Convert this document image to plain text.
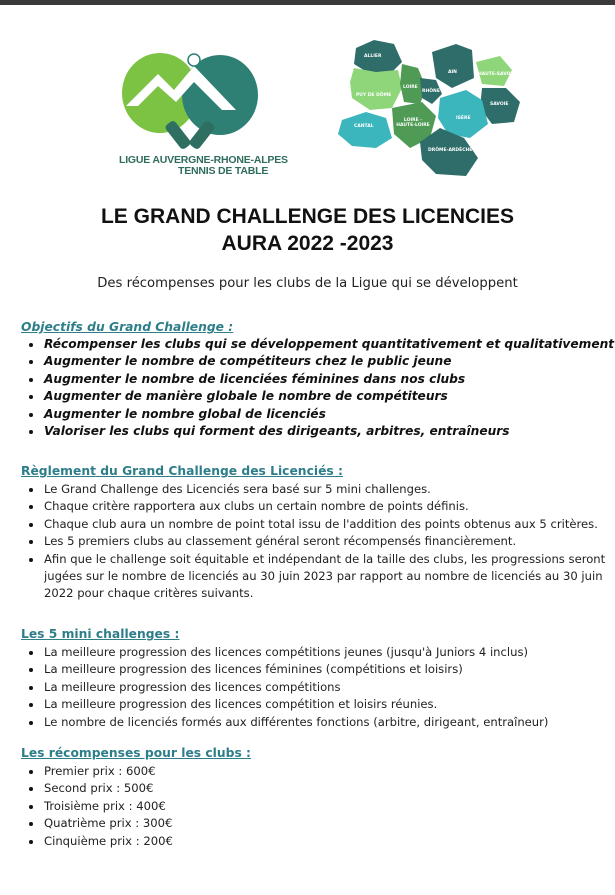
LIGUE AUVERGNE-RHONE-ALPES
TENNIS DE TABLE
ALLIER
AIN	HAUTE-SAVOIE
PUY DE DÔME
LOIRE
RHÔNE
SAVOIE
CANTAL
LOIRE - HAUTE-LOIRE
ISÈRE
DRÔME-ARDÈCHE
LE GRAND CHALLENGE DES LICENCIES
AURA 2022 -2023
Des récompenses pour les clubs de la Ligue qui se développent
Objectifs du Grand Challenge :
Récompenser les clubs qui se développement quantitativement et qualitativement
Augmenter le nombre de compétiteurs chez le public jeune
Augmenter le nombre de licenciées féminines dans nos clubs
Augmenter de manière globale le nombre de compétiteurs
Augmenter le nombre global de licenciés
Valoriser les clubs qui forment des dirigeants, arbitres, entraîneurs
Règlement du Grand Challenge des Licenciés :
Le Grand Challenge des Licenciés sera basé sur 5 mini challenges.
Chaque critère rapportera aux clubs un certain nombre de points définis.
Chaque club aura un nombre de point total issu de l'addition des points obtenus aux 5 critères.
Les 5 premiers clubs au classement général seront récompensés financièrement.
Afin que le challenge soit équitable et indépendant de la taille des clubs, les progressions seront
jugées sur le nombre de licenciés au 30 juin 2023 par rapport au nombre de licenciés au 30 juin
2022 pour chaque critères suivants.
Les 5 mini challenges :
La meilleure progression des licences compétitions jeunes (jusqu'à Juniors 4 inclus)
La meilleure progression des licences féminines (compétitions et loisirs)
La meilleure progression des licences compétitions
La meilleure progression des licences compétition et loisirs réunies.
Le nombre de licenciés formés aux différentes fonctions (arbitre, dirigeant, entraîneur)
Les récompenses pour les clubs :
Premier prix : 600€
Second prix : 500€
Troisième prix : 400€
Quatrième prix : 300€
Cinquième prix : 200€
